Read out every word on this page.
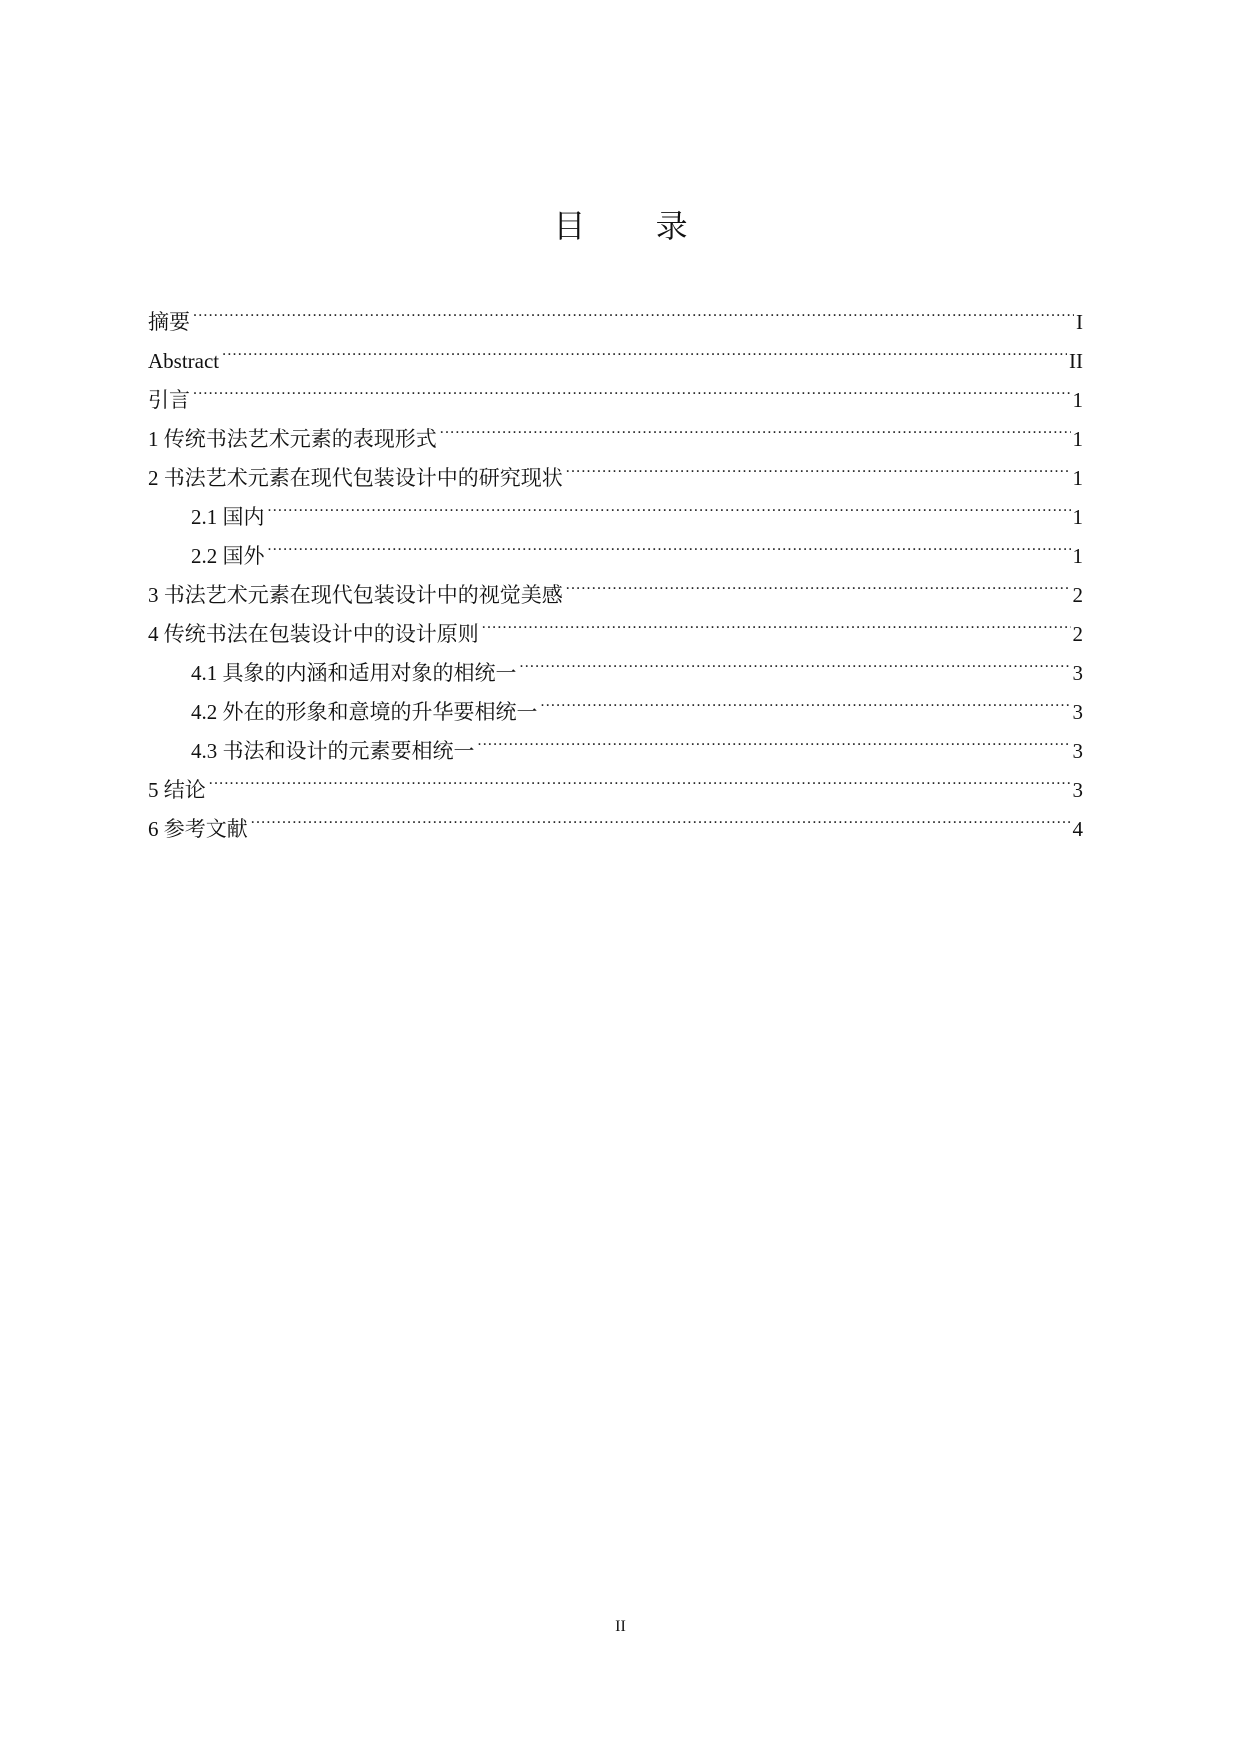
目 录
摘要 .....	I
Abstract .....	II
引言 .....	1
1 传统书法艺术元素的表现形式 .....	1
2 书法艺术元素在现代包装设计中的研究现状 .....	1
2.1 国内 .....	1
2.2 国外 .....	1
3 书法艺术元素在现代包装设计中的视觉美感 .....	2
4 传统书法在包装设计中的设计原则 .....	2
4.1 具象的内涵和适用对象的相统一 .....	3
4.2 外在的形象和意境的升华要相统一 .....	3
4.3 书法和设计的元素要相统一 .....	3
5 结论 .....	3
6 参考文献 .....	4
II
